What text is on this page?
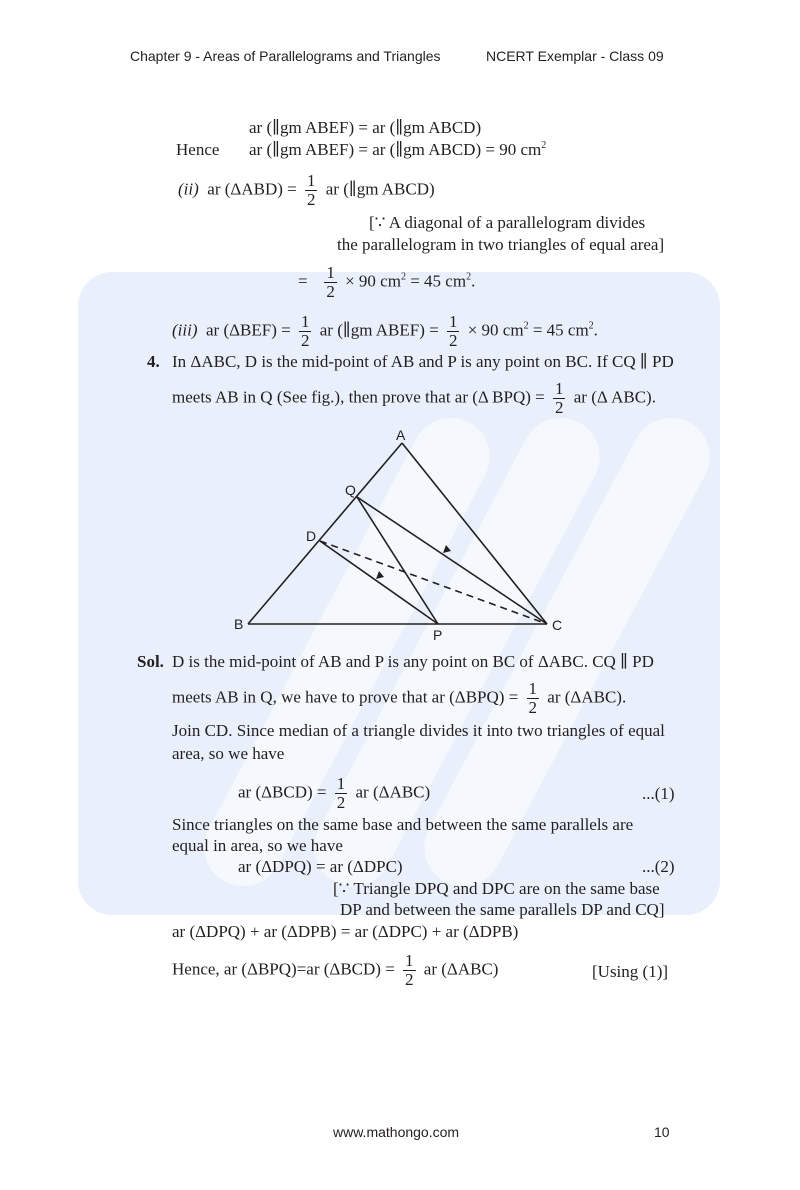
Chapter 9 - Areas of Parallelograms and Triangles	NCERT Exemplar - Class 09
ar (∥gm ABEF) = ar (∥gm ABCD)
Hence ar (∥gm ABEF) = ar (∥gm ABCD) = 90 $cm^2$
(ii) ar $(\Delta ABD) = \frac{1}{2}$ ar (∥gm ABCD)
[∵ A diagonal of a parallelogram divides
the parallelogram in two triangles of equal area]
= $\frac{1}{2} \times 90$ $cm^2 = 45$ $cm^2$.
(iii) ar $(\Delta BEF) = \frac{1}{2}$ ar (∥gm ABEF) = $\frac{1}{2} \times 90$ $cm^2 = 45$ $cm^2$.
4. In ΔABC, D is the mid-point of AB and P is any point on BC. If CQ ∥ PD
meets AB in Q (See fig.), then prove that ar (Δ $BPQ) = \frac{1}{2}$ ar (Δ ABC).
A
B	C
D
Q
P
Sol. D is the mid-point of AB and P is any point on BC of ΔABC. CQ ∥ PD
meets AB in Q, we have to prove that ar $(\Delta BPQ) = \frac{1}{2}$ ar (ΔABC).
Join CD. Since median of a triangle divides it into two triangles of equal
area, so we have
ar $(\Delta BCD) = \frac{1}{2}$ ar (ΔABC)	...(1)
Since triangles on the same base and between the same parallels are
equal in area, so we have
ar (ΔDPQ) = ar (ΔDPC)	...(2)
[∵ Triangle DPQ and DPC are on the same base
DP and between the same parallels DP and CQ]
ar (ΔDPQ) + ar (ΔDPB) = ar (ΔDPC) + ar (ΔDPB)
Hence, ar (ΔBPQ)=ar $(\Delta BCD) = \frac{1}{2}$ ar (ΔABC)	[Using (1)]
www.mathongo.com	10
